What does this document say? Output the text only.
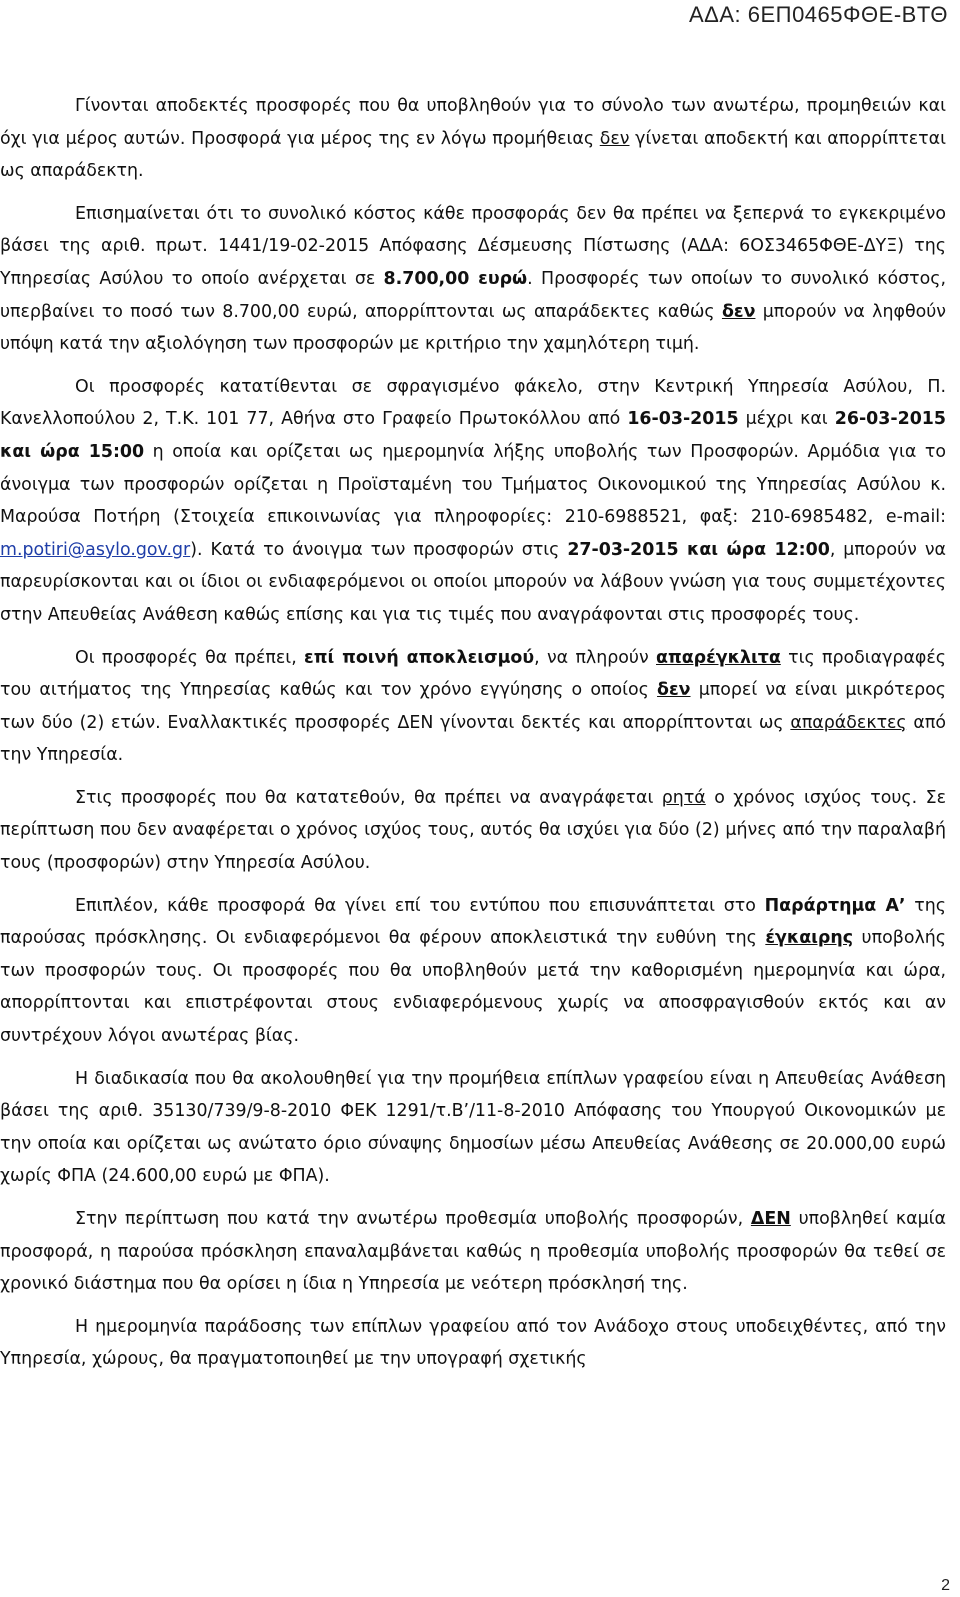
ΑΔΑ: 6ΕΠ0465ΦΘΕ-ΒΤΘ

Γίνονται αποδεκτές προσφορές που θα υποβληθούν για το σύνολο των ανωτέρω, προμηθειών και όχι για μέρος αυτών. Προσφορά για μέρος της εν λόγω προμήθειας δεν γίνεται αποδεκτή και απορρίπτεται ως απαράδεκτη.

Επισημαίνεται ότι το συνολικό κόστος κάθε προσφοράς δεν θα πρέπει να ξεπερνά το εγκεκριμένο βάσει της αριθ. πρωτ. 1441/19-02-2015 Απόφασης Δέσμευσης Πίστωσης (ΑΔΑ: 6ΟΣ3465ΦΘΕ-ΔΥΞ) της Υπηρεσίας Ασύλου το οποίο ανέρχεται σε 8.700,00 ευρώ. Προσφορές των οποίων το συνολικό κόστος, υπερβαίνει το ποσό των 8.700,00 ευρώ, απορρίπτονται ως απαράδεκτες καθώς δεν μπορούν να ληφθούν υπόψη κατά την αξιολόγηση των προσφορών με κριτήριο την χαμηλότερη τιμή.

Οι προσφορές κατατίθενται σε σφραγισμένο φάκελο, στην Κεντρική Υπηρεσία Ασύλου, Π. Κανελλοπούλου 2, Τ.Κ. 101 77, Αθήνα στο Γραφείο Πρωτοκόλλου από 16-03-2015 μέχρι και 26-03-2015 και ώρα 15:00 η οποία και ορίζεται ως ημερομηνία λήξης υποβολής των Προσφορών. Αρμόδια για το άνοιγμα των προσφορών ορίζεται η Προϊσταμένη του Τμήματος Οικονομικού της Υπηρεσίας Ασύλου κ. Μαρούσα Ποτήρη (Στοιχεία επικοινωνίας για πληροφορίες: 210-6988521, φαξ: 210-6985482, e-mail: m.potiri@asylo.gov.gr). Κατά το άνοιγμα των προσφορών στις 27-03-2015 και ώρα 12:00, μπορούν να παρευρίσκονται και οι ίδιοι οι ενδιαφερόμενοι οι οποίοι μπορούν να λάβουν γνώση για τους συμμετέχοντες στην Απευθείας Ανάθεση καθώς επίσης και για τις τιμές που αναγράφονται στις προσφορές τους.

Οι προσφορές θα πρέπει, επί ποινή αποκλεισμού, να πληρούν απαρέγκλιτα τις προδιαγραφές του αιτήματος της Υπηρεσίας καθώς και τον χρόνο εγγύησης ο οποίος δεν μπορεί να είναι μικρότερος των δύο (2) ετών. Εναλλακτικές προσφορές ΔΕΝ γίνονται δεκτές και απορρίπτονται ως απαράδεκτες από την Υπηρεσία.

Στις προσφορές που θα κατατεθούν, θα πρέπει να αναγράφεται ρητά ο χρόνος ισχύος τους. Σε περίπτωση που δεν αναφέρεται ο χρόνος ισχύος τους, αυτός θα ισχύει για δύο (2) μήνες από την παραλαβή τους (προσφορών) στην Υπηρεσία Ασύλου.

Επιπλέον, κάθε προσφορά θα γίνει επί του εντύπου που επισυνάπτεται στο Παράρτημα Α’ της παρούσας πρόσκλησης. Οι ενδιαφερόμενοι θα φέρουν αποκλειστικά την ευθύνη της έγκαιρης υποβολής των προσφορών τους. Οι προσφορές που θα υποβληθούν μετά την καθορισμένη ημερομηνία και ώρα, απορρίπτονται και επιστρέφονται στους ενδιαφερόμενους χωρίς να αποσφραγισθούν εκτός και αν συντρέχουν λόγοι ανωτέρας βίας.

Η διαδικασία που θα ακολουθηθεί για την προμήθεια επίπλων γραφείου είναι η Απευθείας Ανάθεση βάσει της αριθ. 35130/739/9-8-2010 ΦΕΚ 1291/τ.Β’/11-8-2010 Απόφασης του Υπουργού Οικονομικών με την οποία και ορίζεται ως ανώτατο όριο σύναψης δημοσίων μέσω Απευθείας Ανάθεσης σε 20.000,00 ευρώ χωρίς ΦΠΑ (24.600,00 ευρώ με ΦΠΑ).

Στην περίπτωση που κατά την ανωτέρω προθεσμία υποβολής προσφορών, ΔΕΝ υποβληθεί καμία προσφορά, η παρούσα πρόσκληση επαναλαμβάνεται καθώς η προθεσμία υποβολής προσφορών θα τεθεί σε χρονικό διάστημα που θα ορίσει η ίδια η Υπηρεσία με νεότερη πρόσκλησή της.

Η ημερομηνία παράδοσης των επίπλων γραφείου από τον Ανάδοχο στους υποδειχθέντες, από την Υπηρεσία, χώρους, θα πραγματοποιηθεί με την υπογραφή σχετικής

2
